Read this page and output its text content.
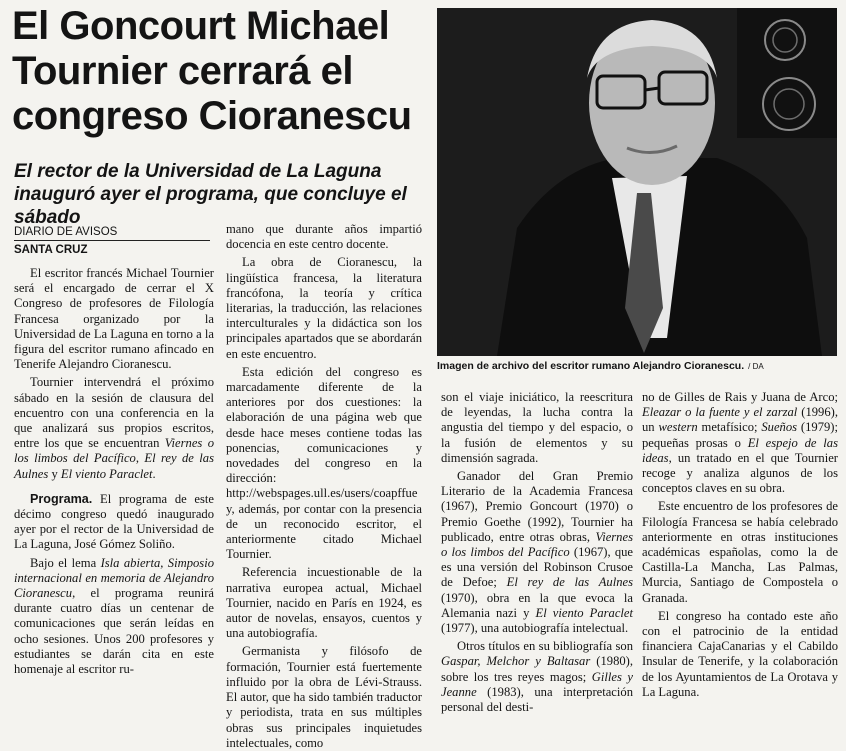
El Goncourt Michael Tournier cerrará el congreso Cioranescu
El rector de la Universidad de La Laguna inauguró ayer el programa, que concluye el sábado
DIARIO DE AVISOS
SANTA CRUZ
Imagen de archivo del escritor rumano Alejandro Cioranescu. / DA

El escritor francés Michael Tournier será el encargado de cerrar el X Congreso de profesores de Filología Francesa organizado por la Universidad de La Laguna en torno a la figura del escritor rumano afincado en Tenerife Alejandro Cioranescu.

Tournier intervendrá el próximo sábado en la sesión de clausura del encuentro con una conferencia en la que analizará sus propios escritos, entre los que se encuentran Viernes o los limbos del Pacífico, El rey de las Aulnes y El viento Paraclet.

Programa. El programa de este décimo congreso quedó inaugurado ayer por el rector de la Universidad de La Laguna, José Gómez Soliño.

Bajo el lema Isla abierta, Simposio internacional en memoria de Alejandro Cioranescu, el programa reunirá durante cuatro días un centenar de comunicaciones que serán leídas en ocho sesiones. Unos 200 profesores y estudiantes se darán cita en este homenaje al escritor ru-

mano que durante años impartió docencia en este centro docente.

La obra de Cioranescu, la lingüística francesa, la literatura francófona, la teoría y crítica literarias, la traducción, las relaciones interculturales y la didáctica son los principales apartados que se abordarán en este encuentro.

Esta edición del congreso es marcadamente diferente de la anteriores por dos cuestiones: la elaboración de una página web que desde hace meses contiene todas las ponencias, comunicaciones y novedades del congreso en la dirección: http://webspages.ull.es/users/coapffue y, además, por contar con la presencia de un reconocido escritor, el anteriormente citado Michael Tournier.

Referencia incuestionable de la narrativa europea actual, Michael Tournier, nacido en París en 1924, es autor de novelas, ensayos, cuentos y una autobiografía.

Germanista y filósofo de formación, Tournier está fuertemente influido por la obra de Lévi-Strauss. El autor, que ha sido también traductor y periodista, trata en sus múltiples obras sus principales inquietudes intelectuales, como

son el viaje iniciático, la reescritura de leyendas, la lucha contra la angustia del tiempo y del espacio, o la fusión de elementos y su dimensión sagrada.

Ganador del Gran Premio Literario de la Academia Francesa (1967), Premio Goncourt (1970) o Premio Goethe (1992), Tournier ha publicado, entre otras obras, Viernes o los limbos del Pacífico (1967), que es una versión del Robinson Crusoe de Defoe; El rey de las Aulnes (1970), obra en la que evoca la Alemania nazi y El viento Paraclet (1977), una autobiografía intelectual.

Otros títulos en su bibliografía son Gaspar, Melchor y Baltasar (1980), sobre los tres reyes magos; Gilles y Jeanne (1983), una interpretación personal del desti-

no de Gilles de Rais y Juana de Arco; Eleazar o la fuente y el zarzal (1996), un western metafísico; Sueños (1979); pequeñas prosas o El espejo de las ideas, un tratado en el que Tournier recoge y analiza algunos de los conceptos claves en su obra.

Este encuentro de los profesores de Filología Francesa se había celebrado anteriormente en otras instituciones académicas españolas, como la de Castilla-La Mancha, Las Palmas, Murcia, Santiago de Compostela o Granada.

El congreso ha contado este año con el patrocinio de la entidad financiera CajaCanarias y el Cabildo Insular de Tenerife, y la colaboración de los Ayuntamientos de La Orotava y La Laguna.
